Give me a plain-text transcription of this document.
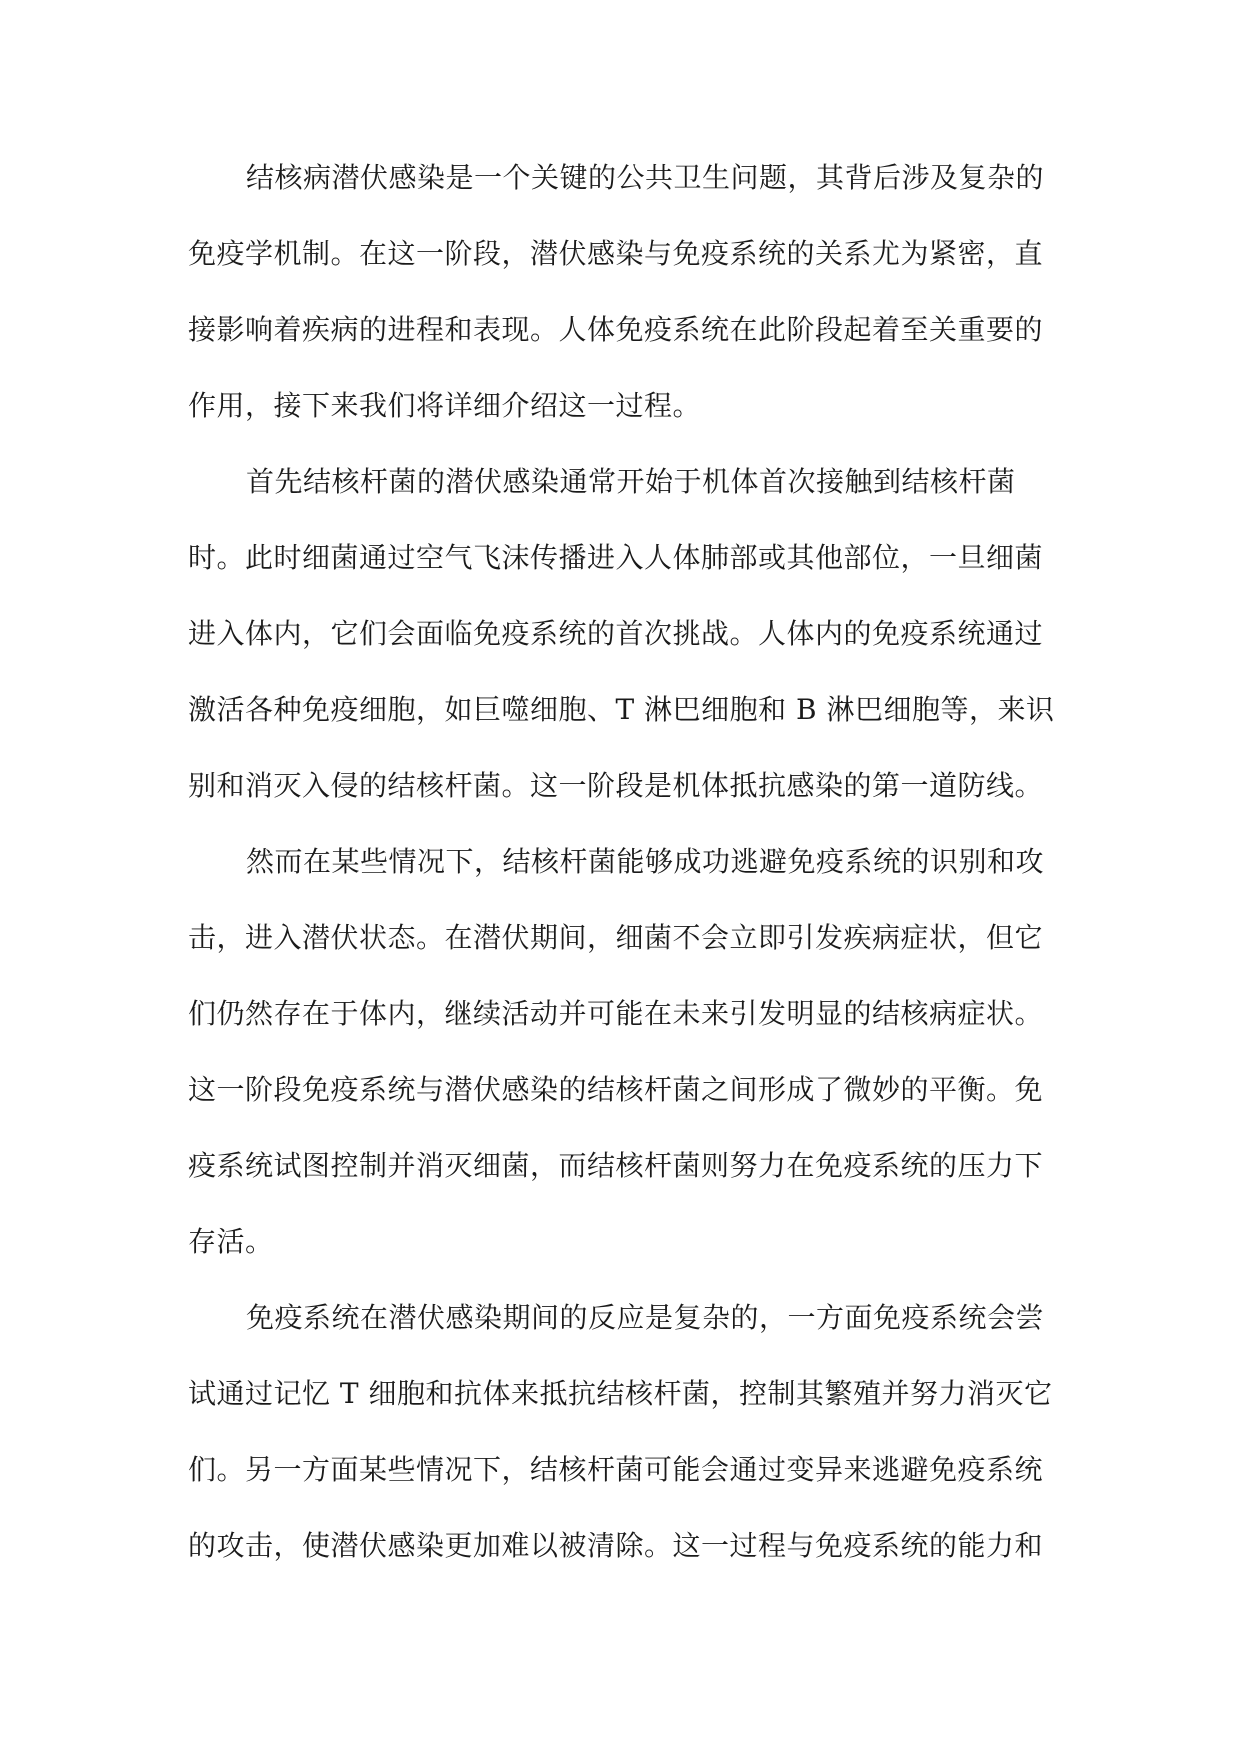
结核病潜伏感染是一个关键的公共卫生问题，其背后涉及复杂的
免疫学机制。在这一阶段，潜伏感染与免疫系统的关系尤为紧密，直
接影响着疾病的进程和表现。人体免疫系统在此阶段起着至关重要的
作用，接下来我们将详细介绍这一过程。

首先结核杆菌的潜伏感染通常开始于机体首次接触到结核杆菌
时。此时细菌通过空气飞沫传播进入人体肺部或其他部位，一旦细菌
进入体内，它们会面临免疫系统的首次挑战。人体内的免疫系统通过
激活各种免疫细胞，如巨噬细胞、T 淋巴细胞和 B 淋巴细胞等，来识
别和消灭入侵的结核杆菌。这一阶段是机体抵抗感染的第一道防线。

然而在某些情况下，结核杆菌能够成功逃避免疫系统的识别和攻
击，进入潜伏状态。在潜伏期间，细菌不会立即引发疾病症状，但它
们仍然存在于体内，继续活动并可能在未来引发明显的结核病症状。
这一阶段免疫系统与潜伏感染的结核杆菌之间形成了微妙的平衡。免
疫系统试图控制并消灭细菌，而结核杆菌则努力在免疫系统的压力下
存活。

免疫系统在潜伏感染期间的反应是复杂的，一方面免疫系统会尝
试通过记忆 T 细胞和抗体来抵抗结核杆菌，控制其繁殖并努力消灭它
们。另一方面某些情况下，结核杆菌可能会通过变异来逃避免疫系统
的攻击，使潜伏感染更加难以被清除。这一过程与免疫系统的能力和
